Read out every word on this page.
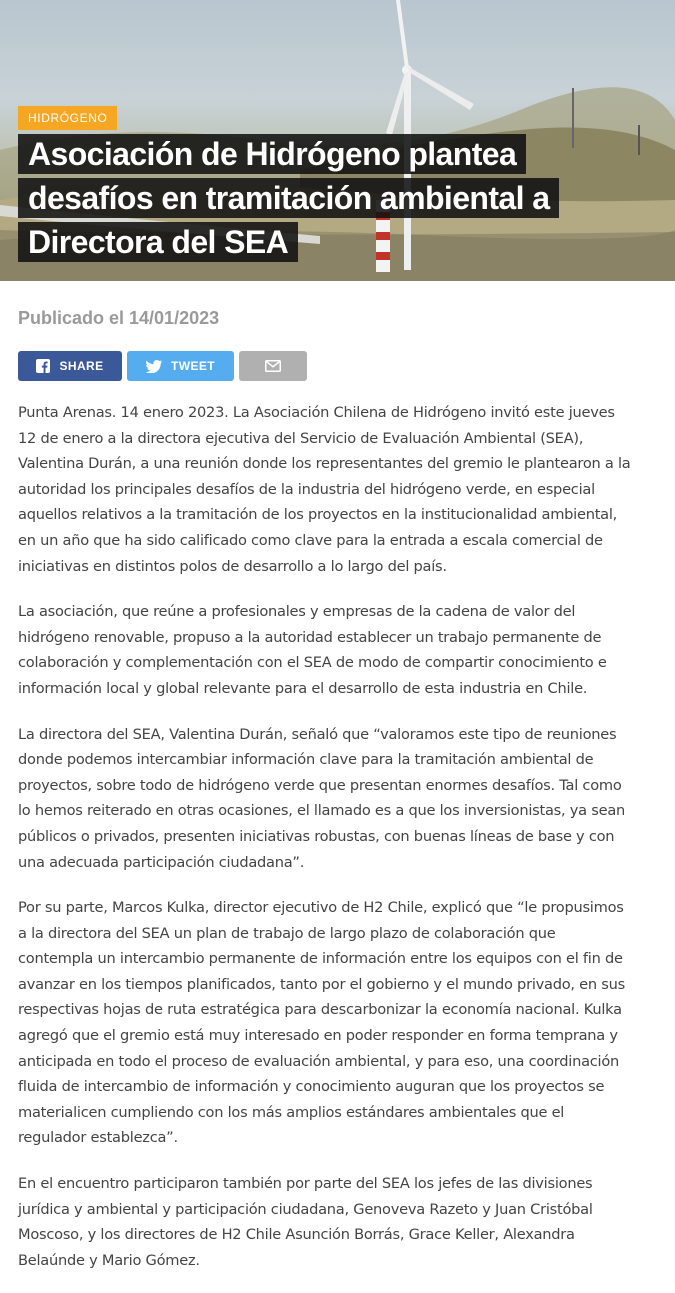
HIDRÓGENO
Asociación de Hidrógeno plantea desafíos en tramitación ambiental a Directora del SEA
Publicado el 14/01/2023
SHARE	TWEET

Punta Arenas. 14 enero 2023. La Asociación Chilena de Hidrógeno invitó este jueves 12 de enero a la directora ejecutiva del Servicio de Evaluación Ambiental (SEA), Valentina Durán, a una reunión donde los representantes del gremio le plantearon a la autoridad los principales desafíos de la industria del hidrógeno verde, en especial aquellos relativos a la tramitación de los proyectos en la institucionalidad ambiental, en un año que ha sido calificado como clave para la entrada a escala comercial de iniciativas en distintos polos de desarrollo a lo largo del país.

La asociación, que reúne a profesionales y empresas de la cadena de valor del hidrógeno renovable, propuso a la autoridad establecer un trabajo permanente de colaboración y complementación con el SEA de modo de compartir conocimiento e información local y global relevante para el desarrollo de esta industria en Chile.

La directora del SEA, Valentina Durán, señaló que “valoramos este tipo de reuniones donde podemos intercambiar información clave para la tramitación ambiental de proyectos, sobre todo de hidrógeno verde que presentan enormes desafíos. Tal como lo hemos reiterado en otras ocasiones, el llamado es a que los inversionistas, ya sean públicos o privados, presenten iniciativas robustas, con buenas líneas de base y con una adecuada participación ciudadana”.

Por su parte, Marcos Kulka, director ejecutivo de H2 Chile, explicó que “le propusimos a la directora del SEA un plan de trabajo de largo plazo de colaboración que contempla un intercambio permanente de información entre los equipos con el fin de avanzar en los tiempos planificados, tanto por el gobierno y el mundo privado, en sus respectivas hojas de ruta estratégica para descarbonizar la economía nacional. Kulka agregó que el gremio está muy interesado en poder responder en forma temprana y anticipada en todo el proceso de evaluación ambiental, y para eso, una coordinación fluida de intercambio de información y conocimiento auguran que los proyectos se materialicen cumpliendo con los más amplios estándares ambientales que el regulador establezca”.

En el encuentro participaron también por parte del SEA los jefes de las divisiones jurídica y ambiental y participación ciudadana, Genoveva Razeto y Juan Cristóbal Moscoso, y los directores de H2 Chile Asunción Borrás, Grace Keller, Alexandra Belaúnde y Mario Gómez.
